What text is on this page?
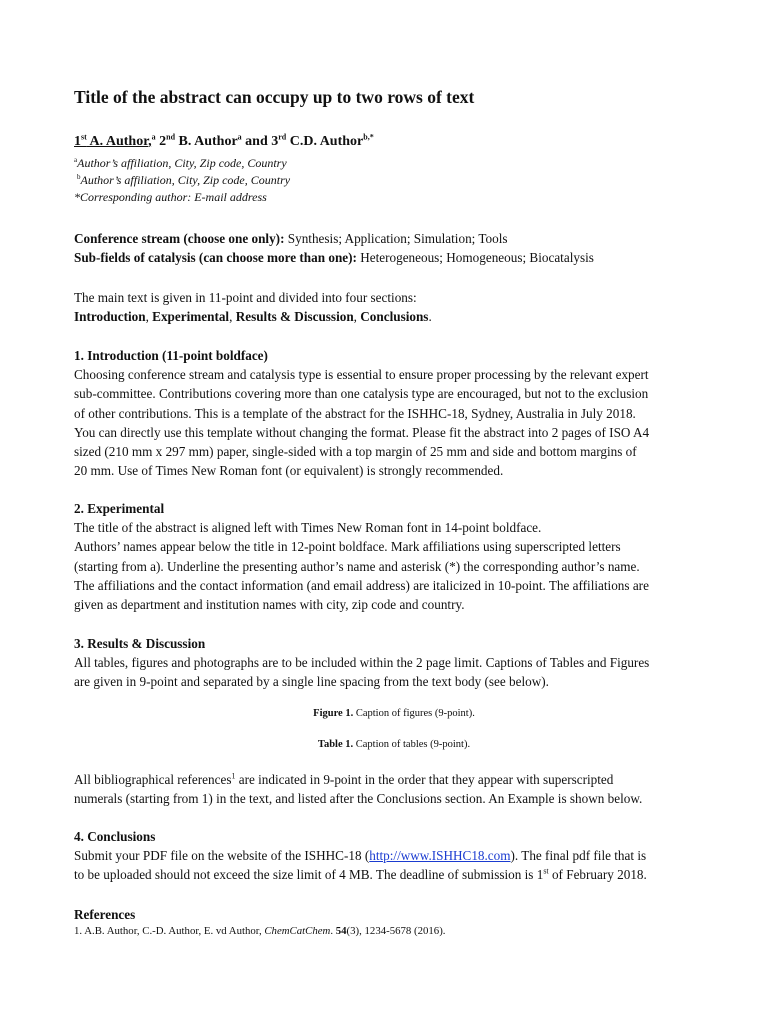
Title of the abstract can occupy up to two rows of text
1st A. Author,$^a$ 2nd B. Author$^a$ and 3rd C.D. Author$^{b,*}$
$^a$Author’s affiliation, City, Zip code, Country
$^b$Author’s affiliation, City, Zip code, Country
*Corresponding author: E-mail address
Conference stream (choose one only): Synthesis; Application; Simulation; Tools
Sub-fields of catalysis (can choose more than one): Heterogeneous; Homogeneous; Biocatalysis
The main text is given in 11-point and divided into four sections:
Introduction, Experimental, Results & Discussion, Conclusions.
1. Introduction (11-point boldface)
Choosing conference stream and catalysis type is essential to ensure proper processing by the relevant expert
sub-committee. Contributions covering more than one catalysis type are encouraged, but not to the exclusion
of other contributions. This is a template of the abstract for the ISHHC-18, Sydney, Australia in July 2018.
You can directly use this template without changing the format. Please fit the abstract into 2 pages of ISO A4
sized (210 mm x 297 mm) paper, single-sided with a top margin of 25 mm and side and bottom margins of
20 mm. Use of Times New Roman font (or equivalent) is strongly recommended.
2. Experimental
The title of the abstract is aligned left with Times New Roman font in 14-point boldface.
Authors’ names appear below the title in 12-point boldface. Mark affiliations using superscripted letters
(starting from a). Underline the presenting author’s name and asterisk (*) the corresponding author’s name.
The affiliations and the contact information (and email address) are italicized in 10-point. The affiliations are
given as department and institution names with city, zip code and country.
3. Results & Discussion
All tables, figures and photographs are to be included within the 2 page limit. Captions of Tables and Figures
are given in 9-point and separated by a single line spacing from the text body (see below).
Figure 1. Caption of figures (9-point).
Table 1. Caption of tables (9-point).
All bibliographical references$^1$ are indicated in 9-point in the order that they appear with superscripted
numerals (starting from 1) in the text, and listed after the Conclusions section. An Example is shown below.
4. Conclusions
Submit your PDF file on the website of the ISHHC-18 (http://www.ISHHC18.com). The final pdf file that is
to be uploaded should not exceed the size limit of 4 MB. The deadline of submission is 1st of February 2018.
References
1. A.B. Author, C.-D. Author, E. vd Author, ChemCatChem. 54(3), 1234-5678 (2016).
